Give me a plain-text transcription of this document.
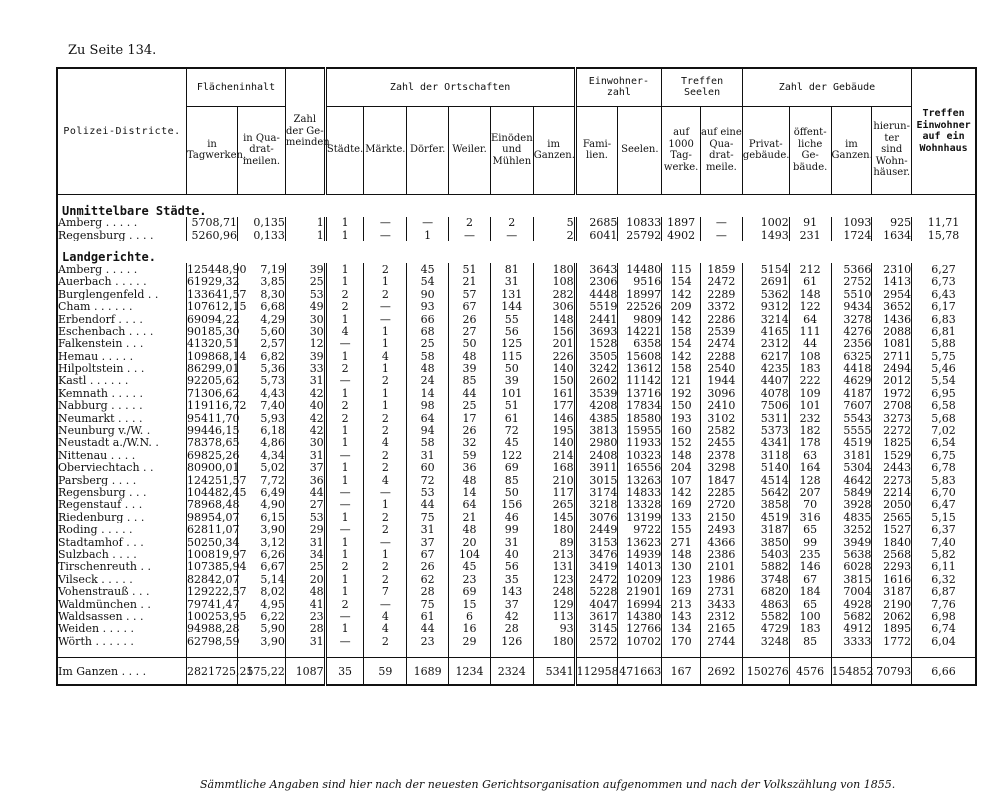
Zu Seite 134.
Polizei-Districte.	Flächeninhalt		Zahl der Ge- meinden	Zahl der Ortschaften						Einwohner- zahl		Treffen Seelen		Zahl der Gebäude				Treffen Einwohner auf ein Wohnhaus
	in Tagwerken.	in Qua- drat- meilen.		Städte.	Märkte.	Dörfer.	Weiler.	Einöden und Mühlen	im Ganzen.	Fami- lien.	Seelen.	auf 1000 Tag- werke.	auf eine Qua- drat- meile.	Privat- gebäude.	öffent- liche Ge- bäude.	im Ganzen.	hierun- ter sind Wohn- häuser.	
Unmittelbare Städte.																		
Amberg . . . . .	5708,71	0,135	1	1	—	—	2	2	5	2685	10833	1897	—	1002	91	1093	925	11,71
Regensburg . . . .	5260,96	0,133	1	1	—	1	—	—	2	6041	25792	4902	—	1493	231	1724	1634	15,78
Landgerichte.																		
Amberg . . . . .	125448,90	7,19	39	1	2	45	51	81	180	3643	14480	115	1859	5154	212	5366	2310	6,27
Auerbach . . . . .	61929,32	3,85	25	1	1	54	21	31	108	2306	9516	154	2472	2691	61	2752	1413	6,73
Burglengenfeld . .	133641,57	8,30	53	2	2	90	57	131	282	4448	18997	142	2289	5362	148	5510	2954	6,43
Cham . . . . . .	107612,15	6,68	49	2	—	93	67	144	306	5519	22526	209	3372	9312	122	9434	3652	6,17
Erbendorf . . . .	69094,22	4,29	30	1	—	66	26	55	148	2441	9809	142	2286	3214	64	3278	1436	6,83
Eschenbach . . . .	90185,30	5,60	30	4	1	68	27	56	156	3693	14221	158	2539	4165	111	4276	2088	6,81
Falkenstein . . .	41320,51	2,57	12	—	1	25	50	125	201	1528	6358	154	2474	2312	44	2356	1081	5,88
Hemau . . . . .	109868,14	6,82	39	1	4	58	48	115	226	3505	15608	142	2288	6217	108	6325	2711	5,75
Hilpoltstein . . .	86299,01	5,36	33	2	1	48	39	50	140	3242	13612	158	2540	4235	183	4418	2494	5,46
Kastl . . . . . .	92205,62	5,73	31	—	2	24	85	39	150	2602	11142	121	1944	4407	222	4629	2012	5,54
Kemnath . . . . .	71306,62	4,43	42	1	1	14	44	101	161	3539	13716	192	3096	4078	109	4187	1972	6,95
Nabburg . . . . .	119116,72	7,40	40	2	1	98	25	51	177	4208	17834	150	2410	7506	101	7607	2708	6,58
Neumarkt . . . .	95411,70	5,93	42	2	2	64	17	61	146	4385	18580	193	3102	5311	232	5543	3273	5,68
Neunburg v./W. .	99446,15	6,18	42	1	2	94	26	72	195	3813	15955	160	2582	5373	182	5555	2272	7,02
Neustadt a./W.N. .	78378,65	4,86	30	1	4	58	32	45	140	2980	11933	152	2455	4341	178	4519	1825	6,54
Nittenau . . . .	69825,26	4,34	31	—	2	31	59	122	214	2408	10323	148	2378	3118	63	3181	1529	6,75
Oberviechtach . .	80900,01	5,02	37	1	2	60	36	69	168	3911	16556	204	3298	5140	164	5304	2443	6,78
Parsberg . . . .	124251,57	7,72	36	1	4	72	48	85	210	3015	13263	107	1847	4514	128	4642	2273	5,83
Regensburg . . .	104482,45	6,49	44	—	—	53	14	50	117	3174	14833	142	2285	5642	207	5849	2214	6,70
Regenstauf . . .	78968,48	4,90	27	—	1	44	64	156	265	3218	13328	169	2720	3858	70	3928	2050	6,47
Riedenburg . . .	98954,07	6,15	53	1	2	75	21	46	145	3076	13199	133	2150	4519	316	4835	2565	5,15
Roding . . . . .	62811,07	3,90	29	—	2	31	48	99	180	2449	9722	155	2493	3187	65	3252	1527	6,37
Stadtamhof . . .	50250,34	3,12	31	1	—	37	20	31	89	3153	13623	271	4366	3850	99	3949	1840	7,40
Sulzbach . . . .	100819,97	6,26	34	1	1	67	104	40	213	3476	14939	148	2386	5403	235	5638	2568	5,82
Tirschenreuth . .	107385,94	6,67	25	2	2	26	45	56	131	3419	14013	130	2101	5882	146	6028	2293	6,11
Vilseck . . . . .	82842,07	5,14	20	1	2	62	23	35	123	2472	10209	123	1986	3748	67	3815	1616	6,32
Vohenstrauß . . .	129222,57	8,02	48	1	7	28	69	143	248	5228	21901	169	2731	6820	184	7004	3187	6,87
Waldmünchen . .	79741,47	4,95	41	2	—	75	15	37	129	4047	16994	213	3433	4863	65	4928	2190	7,76
Waldsassen . . .	100253,95	6,22	23	—	4	61	6	42	113	3617	14380	143	2312	5582	100	5682	2062	6,98
Weiden . . . . .	94988,28	5,90	28	1	4	44	16	28	93	3145	12766	134	2165	4729	183	4912	1895	6,74
Wörth . . . . . .	62798,59	3,90	31	—	2	23	29	126	180	2572	10702	170	2744	3248	85	3333	1772	6,04

Im Ganzen . . . .	2821725,25	175,22	1087	35	59	1689	1234	2324	5341	112958	471663	167	2692	150276	4576	154852	70793	6,66
Sämmtliche Angaben sind hier nach der neuesten Gerichtsorganisation aufgenommen und nach der Volkszählung von 1855.
